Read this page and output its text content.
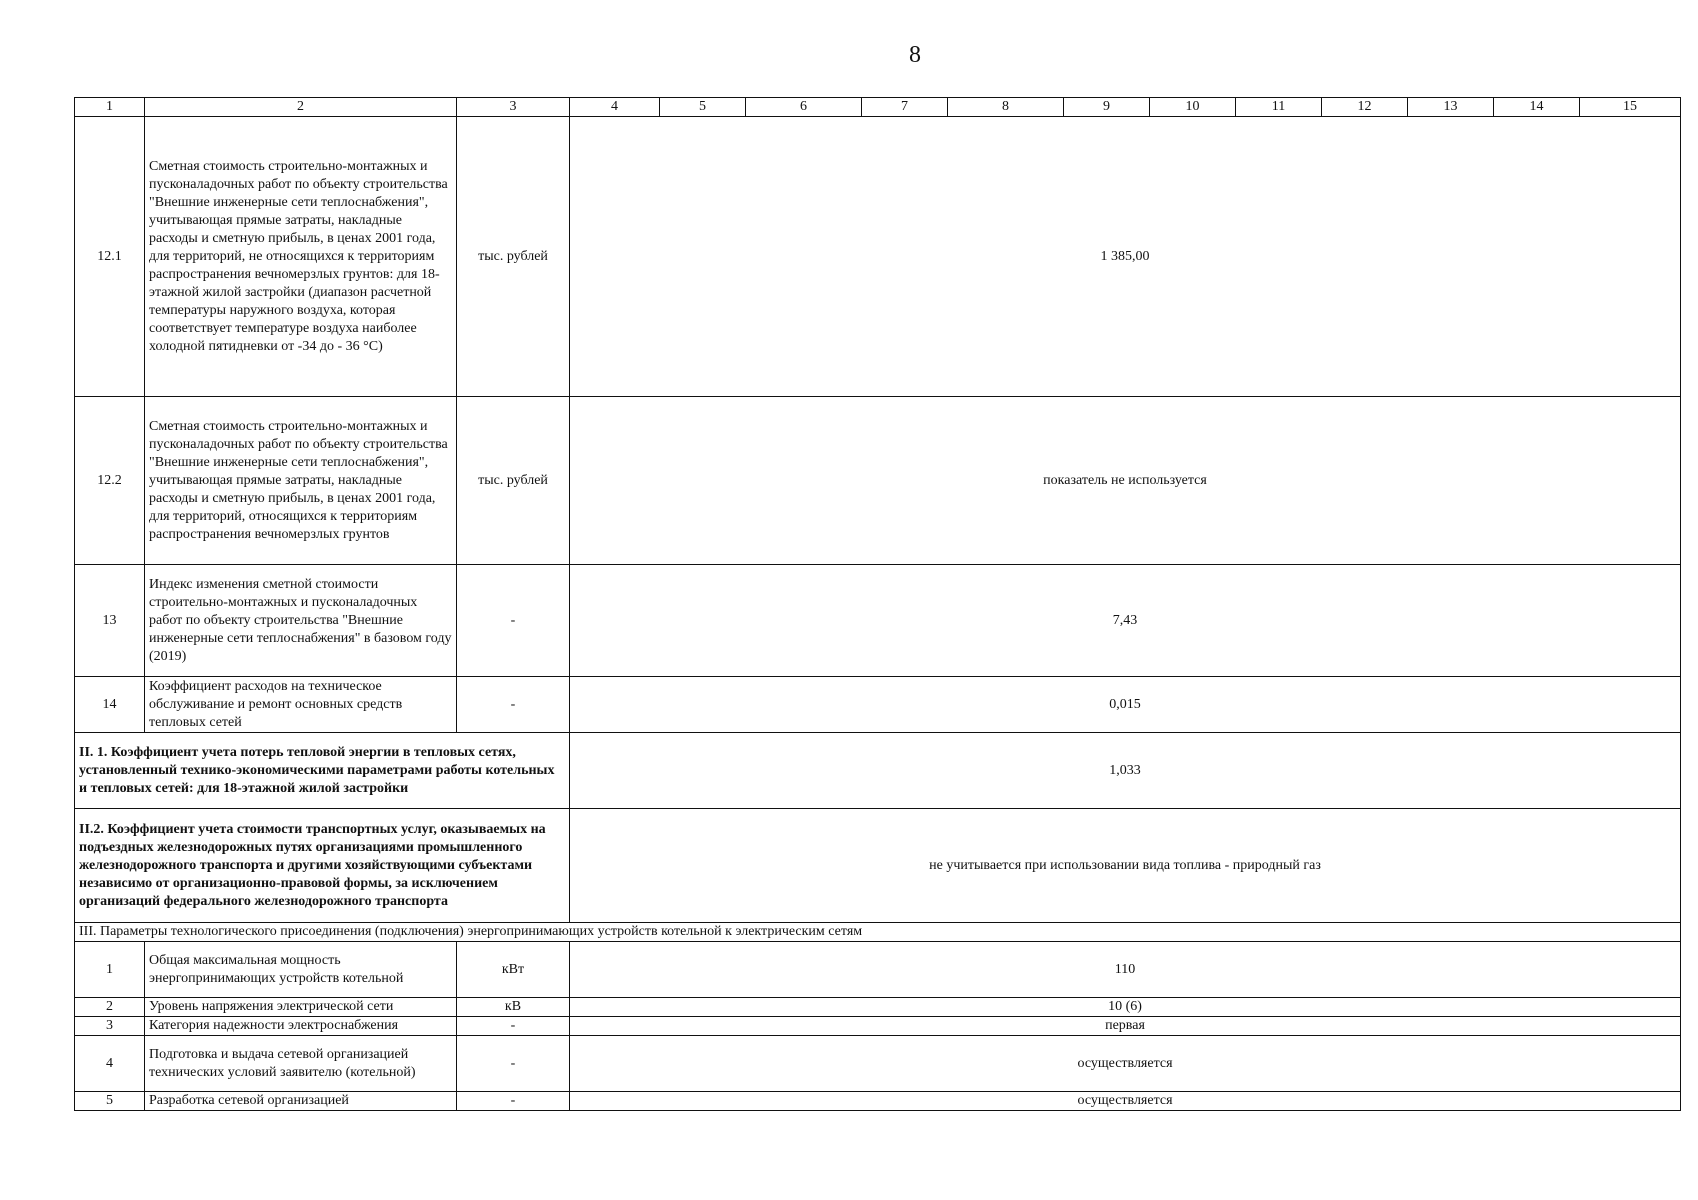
8
1	2	3	4	5	6	7	8	9	10	11	12	13	14	15
12.1	Сметная стоимость строительно-монтажных и пусконаладочных работ по объекту строительства "Внешние инженерные сети теплоснабжения", учитывающая прямые затраты, накладные расходы и сметную прибыль, в ценах 2001 года, для территорий, не относящихся к территориям распространения вечномерзлых грунтов: для 18-этажной жилой застройки (диапазон расчетной температуры наружного воздуха, которая соответствует температуре воздуха наиболее холодной пятидневки от -34 до - 36 °С)	тыс. рублей	1 385,00											
12.2	Сметная стоимость строительно-монтажных и пусконаладочных работ по объекту строительства "Внешние инженерные сети теплоснабжения", учитывающая прямые затраты, накладные расходы и сметную прибыль, в ценах 2001 года, для территорий, относящихся к территориям распространения вечномерзлых грунтов	тыс. рублей	показатель не используется											
13	Индекс изменения сметной стоимости строительно-монтажных и пусконаладочных работ по объекту строительства "Внешние инженерные сети теплоснабжения" в базовом году (2019)	-	7,43											
14	Коэффициент расходов на техническое обслуживание и ремонт основных средств тепловых сетей	-	0,015											
II. 1. Коэффициент учета потерь тепловой энергии в тепловых сетях, установленный технико-экономическими параметрами работы котельных и тепловых сетей: для 18-этажной жилой застройки			1,033											
II.2. Коэффициент учета стоимости транспортных услуг, оказываемых на подъездных железнодорожных путях организациями промышленного железнодорожного транспорта и другими хозяйствующими субъектами независимо от организационно-правовой формы, за исключением организаций федерального железнодорожного транспорта			не учитывается при использовании вида топлива - природный газ											
III. Параметры технологического присоединения (подключения) энергопринимающих устройств котельной к электрическим сетям														
1	Общая максимальная мощность энергопринимающих устройств котельной	кВт	110											
2	Уровень напряжения электрической сети	кВ	10 (6)											
3	Категория надежности электроснабжения	-	первая											
4	Подготовка и выдача сетевой организацией технических условий заявителю (котельной)	-	осуществляется											
5	Разработка сетевой организацией	-	осуществляется											
